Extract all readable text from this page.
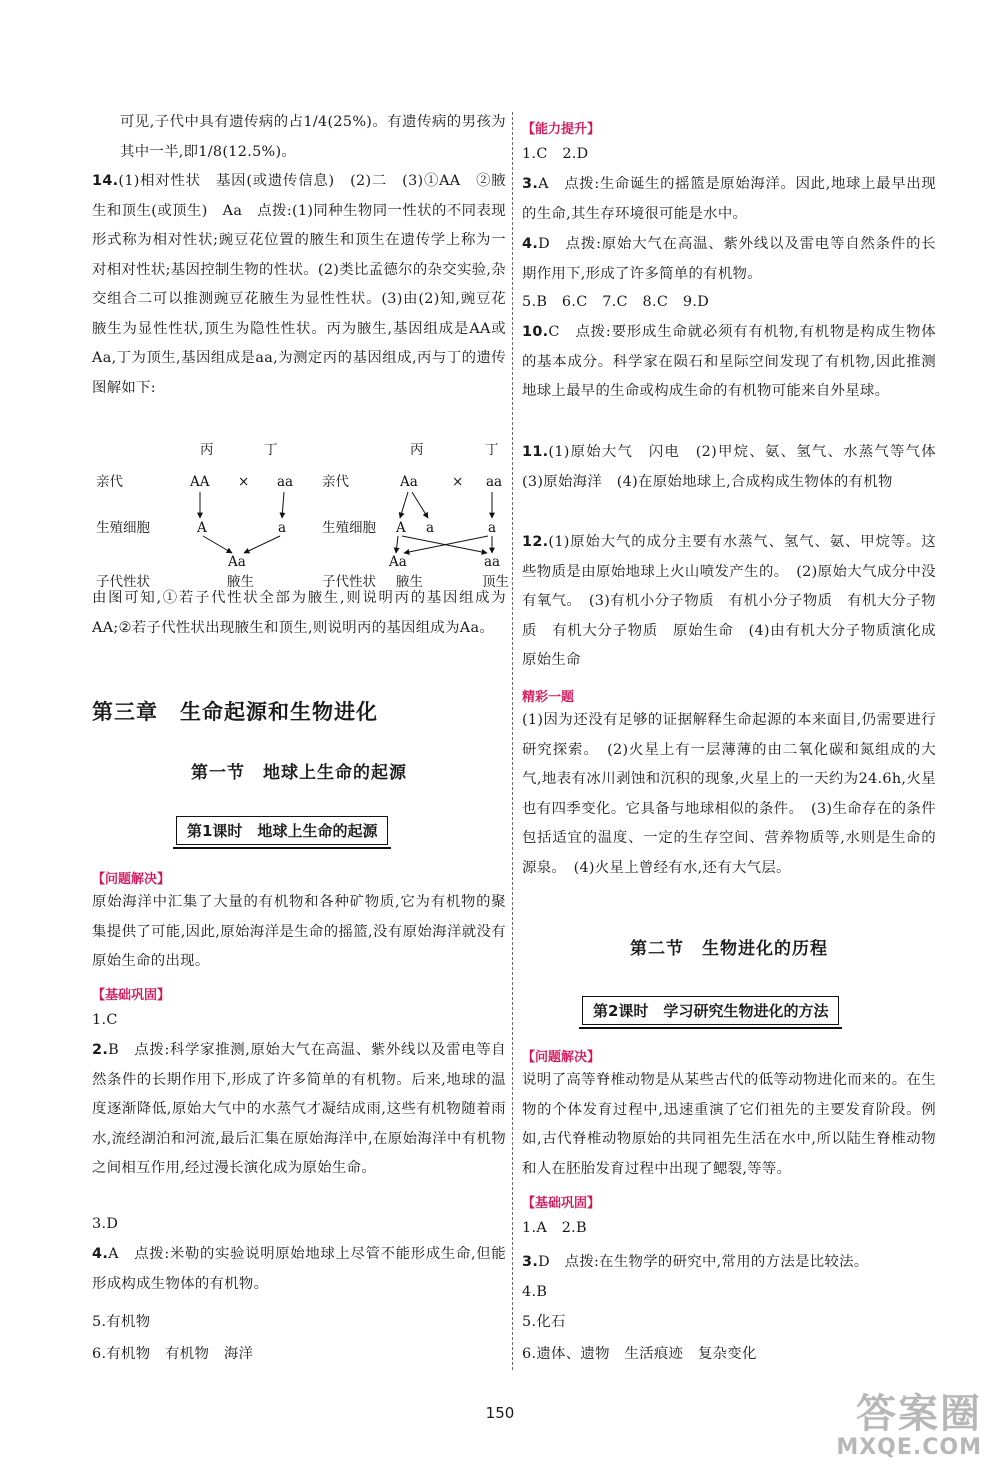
可见,子代中具有遗传病的占1/4(25%)。有遗传病的男孩为其中一半,即1/8(12.5%)。
14.(1)相对性状　基因(或遗传信息)　(2)二　(3)①AA　②腋生和顶生(或顶生)　Aa　点拨:(1)同种生物同一性状的不同表现形式称为相对性状;豌豆花位置的腋生和顶生在遗传学上称为一对相对性状;基因控制生物的性状。(2)类比孟德尔的杂交实验,杂交组合二可以推测豌豆花腋生为显性性状。(3)由(2)知,豌豆花腋生为显性性状,顶生为隐性性状。丙为腋生,基因组成是AA或Aa,丁为顶生,基因组成是aa,为测定丙的基因组成,丙与丁的遗传图解如下:
丙	丁
亲代	AA × aa
生殖细胞	A	a
Aa
子代性状	腋生
丙	丁
亲代	Aa	× aa
生殖细胞 A a	a
Aa	aa
子代性状 腋生	顶生
由图可知,①若子代性状全部为腋生,则说明丙的基因组成为AA;②若子代性状出现腋生和顶生,则说明丙的基因组成为Aa。
第三章　生命起源和生物进化
第一节　地球上生命的起源
第1课时　地球上生命的起源
【问题解决】
原始海洋中汇集了大量的有机物和各种矿物质,它为有机物的聚集提供了可能,因此,原始海洋是生命的摇篮,没有原始海洋就没有原始生命的出现。
【基础巩固】
1.C
2.B　点拨:科学家推测,原始大气在高温、紫外线以及雷电等自然条件的长期作用下,形成了许多简单的有机物。后来,地球的温度逐渐降低,原始大气中的水蒸气才凝结成雨,这些有机物随着雨水,流经湖泊和河流,最后汇集在原始海洋中,在原始海洋中有机物之间相互作用,经过漫长演化成为原始生命。
3.D
4.A　点拨:米勒的实验说明原始地球上尽管不能形成生命,但能形成构成生物体的有机物。
5.有机物
6.有机物　有机物　海洋
【能力提升】
1.C　2.D
3.A　点拨:生命诞生的摇篮是原始海洋。因此,地球上最早出现的生命,其生存环境很可能是水中。
4.D　点拨:原始大气在高温、紫外线以及雷电等自然条件的长期作用下,形成了许多简单的有机物。
5.B　6.C　7.C　8.C　9.D
10.C　点拨:要形成生命就必须有有机物,有机物是构成生物体的基本成分。科学家在陨石和星际空间发现了有机物,因此推测地球上最早的生命或构成生命的有机物可能来自外星球。
11.(1)原始大气　闪电　(2)甲烷、氨、氢气、水蒸气等气体　(3)原始海洋　(4)在原始地球上,合成构成生物体的有机物
12.(1)原始大气的成分主要有水蒸气、氢气、氨、甲烷等。这些物质是由原始地球上火山喷发产生的。　(2)原始大气成分中没有氧气。　(3)有机小分子物质　有机小分子物质　有机大分子物质　有机大分子物质　原始生命　(4)由有机大分子物质演化成原始生命
精彩一题
(1)因为还没有足够的证据解释生命起源的本来面目,仍需要进行研究探索。　(2)火星上有一层薄薄的由二氧化碳和氮组成的大气,地表有冰川剥蚀和沉积的现象,火星上的一天约为24.6h,火星也有四季变化。它具备与地球相似的条件。　(3)生命存在的条件包括适宜的温度、一定的生存空间、营养物质等,水则是生命的源泉。　(4)火星上曾经有水,还有大气层。
第二节　生物进化的历程
第2课时　学习研究生物进化的方法
【问题解决】
说明了高等脊椎动物是从某些古代的低等动物进化而来的。在生物的个体发育过程中,迅速重演了它们祖先的主要发育阶段。例如,古代脊椎动物原始的共同祖先生活在水中,所以陆生脊椎动物和人在胚胎发育过程中出现了鳃裂,等等。
【基础巩固】
1.A　2.B
3.D　点拨:在生物学的研究中,常用的方法是比较法。
4.B
5.化石
6.遗体、遗物　生活痕迹　复杂变化
150	答案圈
MXQE.COM
